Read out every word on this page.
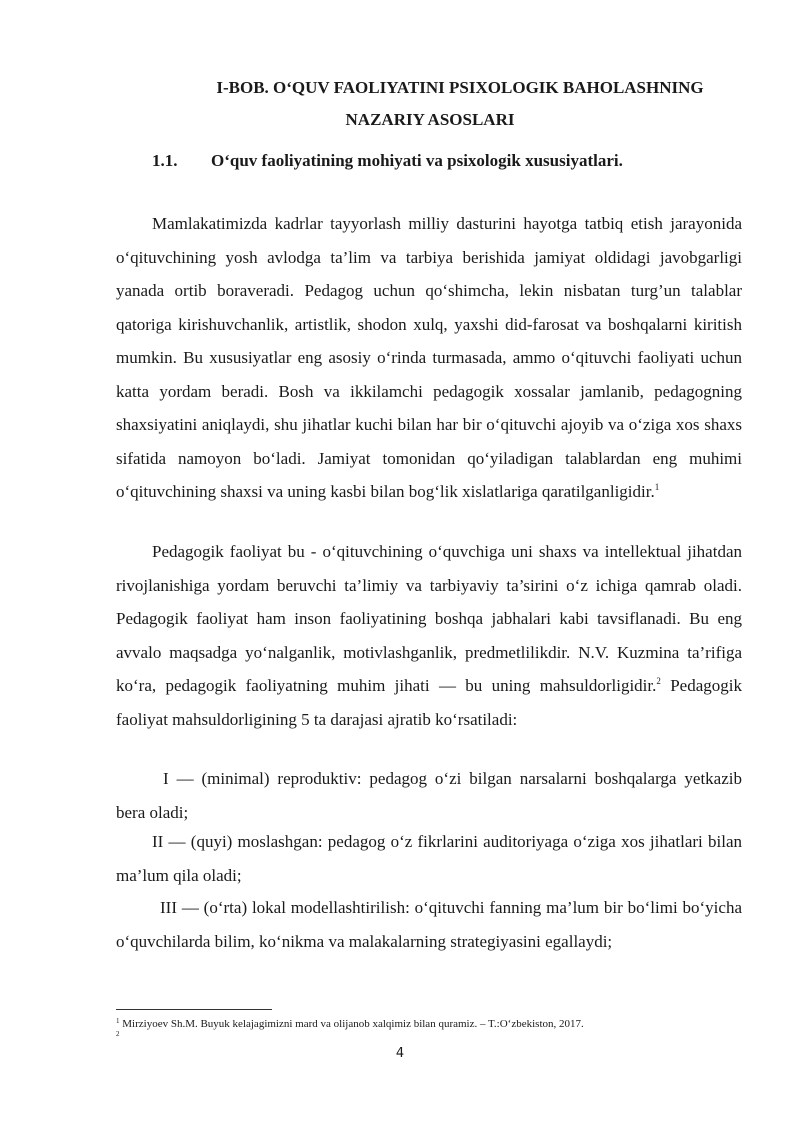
I-BOB. O‘QUV FAOLIYATINI PSIXOLOGIK BAHOLASHNING
NAZARIY ASOSLARI
1.1. O‘quv faoliyatining mohiyati va psixologik xususiyatlari.

Mamlakatimizda kadrlar tayyorlash milliy dasturini hayotga tatbiq etish jarayonida o‘qituvchining yosh avlodga ta’lim va tarbiya berishida jamiyat oldidagi javobgarligi yanada ortib boraveradi. Pedagog uchun qo‘shimcha, lekin nisbatan turg’un talablar qatoriga kirishuvchanlik, artistlik, shodon xulq, yaxshi did-farosat va boshqalarni kiritish mumkin. Bu xususiyatlar eng asosiy o‘rinda turmasada, ammo o‘qituvchi faoliyati uchun katta yordam beradi. Bosh va ikkilamchi pedagogik xossalar jamlanib, pedagogning shaxsiyatini aniqlaydi, shu jihatlar kuchi bilan har bir o‘qituvchi ajoyib va o‘ziga xos shaxs sifatida namoyon bo‘ladi. Jamiyat tomonidan qo‘yiladigan talablardan eng muhimi o‘qituvchining shaxsi va uning kasbi bilan bog‘lik xislatlariga qaratilganligidir.$^1$

Pedagogik faoliyat bu - o‘qituvchining o‘quvchiga uni shaxs va intellektual jihatdan rivojlanishiga yordam beruvchi ta’limiy va tarbiyaviy ta’sirini o‘z ichiga qamrab oladi. Pedagogik faoliyat ham inson faoliyatining boshqa jabhalari kabi tavsiflanadi. Bu eng avvalo maqsadga yo‘nalganlik, motivlashganlik, predmetlilikdir. N.V. Kuzmina ta’rifiga ko‘ra, pedagogik faoliyatning muhim jihati — bu uning mahsuldorligidir.$^2$ Pedagogik faoliyat mahsuldorligining 5 ta darajasi ajratib ko‘rsatiladi:

I — (minimal) reproduktiv: pedagog o‘zi bilgan narsalarni boshqalarga yetkazib bera oladi;

II — (quyi) moslashgan: pedagog o‘z fikrlarini auditoriyaga o‘ziga xos jihatlari bilan ma’lum qila oladi;

III — (o‘rta) lokal modellashtirilish: o‘qituvchi fanning ma’lum bir bo‘limi bo‘yicha o‘quvchilarda bilim, ko‘nikma va malakalarning strategiyasini egallaydi;

$^1$ Mirziyoev Sh.M. Buyuk kelajagimizni mard va olijanob xalqimiz bilan quramiz. – T.:O‘zbekiston, 2017.
$^2$
4
